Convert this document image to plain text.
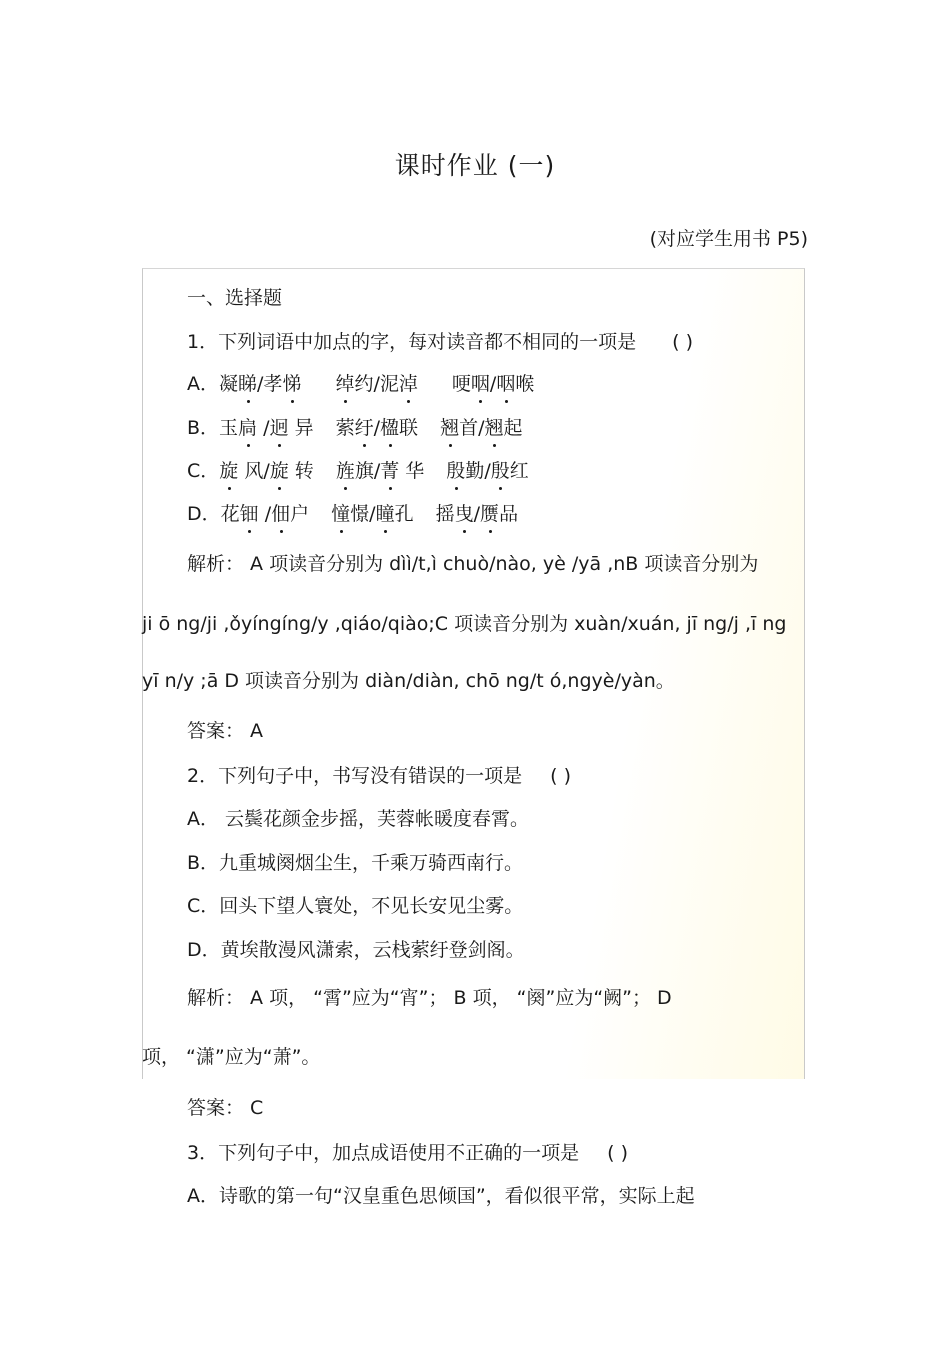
课时作业 (一)
(对应学生用书 P5)
一、选择题
1．下列词语中加点的字，每对读音都不相同的一项是 ( )
A．凝睇/孝悌 绰约/泥淖 哽咽/咽喉
B．玉扃 /迥 异 萦纡/楹联 翘首/翘起
C．旋 风/旋 转 旌旗/菁 华 殷勤/殷红
D．花钿 /佃户 憧憬/瞳孔 摇曳/赝品
解析： A 项读音分别为 dìì/t,ì chuò/nào, yè /yā ,nB 项读音分别为
ji ō ng/ji ,ǒyíngíng/y ,qiáo/qiào;C 项读音分别为 xuàn/xuán, jī ng/j ,ī ng
yī n/y ;ā D 项读音分别为 diàn/diàn, chō ng/t ó,ngyè/yàn。
答案： A
2．下列句子中，书写没有错误的一项是 ( )
A． 云鬓花颜金步摇，芙蓉帐暖度春霄。
B．九重城阕烟尘生，千乘万骑西南行。
C．回头下望人寰处，不见长安见尘雾。
D．黄埃散漫风潇索，云栈萦纡登剑阁。
解析： A 项， “霄”应为“宵”； B 项， “阕”应为“阙”； D
项， “潇”应为“萧”。
答案： C
3．下列句子中，加点成语使用不正确的一项是 ( )
A．诗歌的第一句“汉皇重色思倾国”，看似很平常，实际上起
